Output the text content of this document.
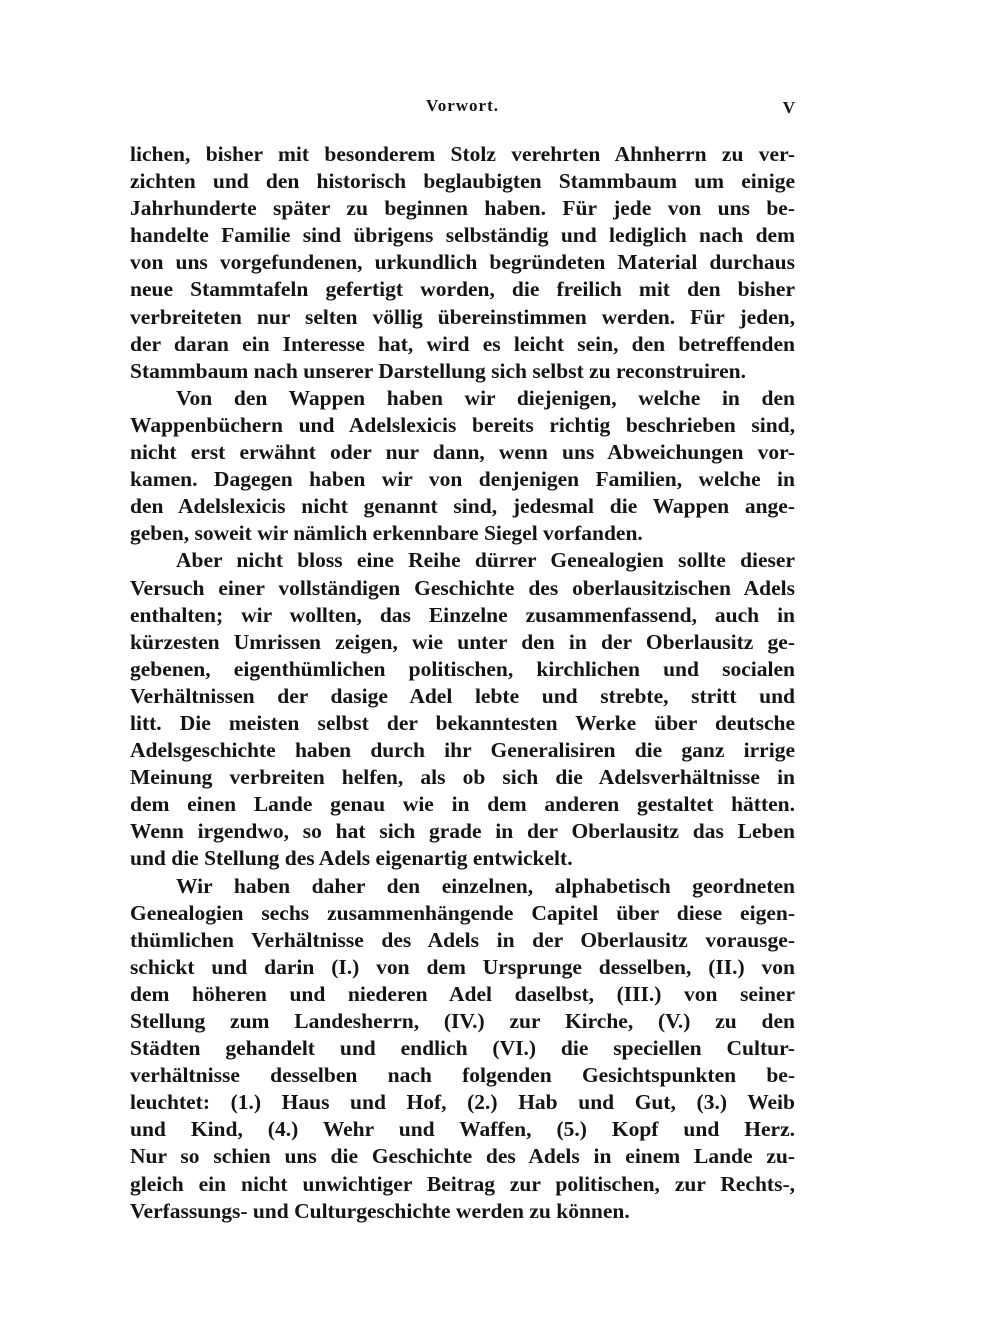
Vorwort.	V
lichen, bisher mit besonderem Stolz verehrten Ahnherrn zu ver-
zichten und den historisch beglaubigten Stammbaum um einige
Jahrhunderte später zu beginnen haben. Für jede von uns be-
handelte Familie sind übrigens selbständig und lediglich nach dem
von uns vorgefundenen, urkundlich begründeten Material durchaus
neue Stammtafeln gefertigt worden, die freilich mit den bisher
verbreiteten nur selten völlig übereinstimmen werden. Für jeden,
der daran ein Interesse hat, wird es leicht sein, den betreffenden
Stammbaum nach unserer Darstellung sich selbst zu reconstruiren.
Von den Wappen haben wir diejenigen, welche in den
Wappenbüchern und Adelslexicis bereits richtig beschrieben sind,
nicht erst erwähnt oder nur dann, wenn uns Abweichungen vor-
kamen. Dagegen haben wir von denjenigen Familien, welche in
den Adelslexicis nicht genannt sind, jedesmal die Wappen ange-
geben, soweit wir nämlich erkennbare Siegel vorfanden.
Aber nicht bloss eine Reihe dürrer Genealogien sollte dieser
Versuch einer vollständigen Geschichte des oberlausitzischen Adels
enthalten; wir wollten, das Einzelne zusammenfassend, auch in
kürzesten Umrissen zeigen, wie unter den in der Oberlausitz ge-
gebenen, eigenthümlichen politischen, kirchlichen und socialen
Verhältnissen der dasige Adel lebte und strebte, stritt und
litt. Die meisten selbst der bekanntesten Werke über deutsche
Adelsgeschichte haben durch ihr Generalisiren die ganz irrige
Meinung verbreiten helfen, als ob sich die Adelsverhältnisse in
dem einen Lande genau wie in dem anderen gestaltet hätten.
Wenn irgendwo, so hat sich grade in der Oberlausitz das Leben
und die Stellung des Adels eigenartig entwickelt.
Wir haben daher den einzelnen, alphabetisch geordneten
Genealogien sechs zusammenhängende Capitel über diese eigen-
thümlichen Verhältnisse des Adels in der Oberlausitz vorausge-
schickt und darin (I.) von dem Ursprunge desselben, (II.) von
dem höheren und niederen Adel daselbst, (III.) von seiner
Stellung zum Landesherrn, (IV.) zur Kirche, (V.) zu den
Städten gehandelt und endlich (VI.) die speciellen Cultur-
verhältnisse desselben nach folgenden Gesichtspunkten be-
leuchtet: (1.) Haus und Hof, (2.) Hab und Gut, (3.) Weib
und Kind, (4.) Wehr und Waffen, (5.) Kopf und Herz.
Nur so schien uns die Geschichte des Adels in einem Lande zu-
gleich ein nicht unwichtiger Beitrag zur politischen, zur Rechts-,
Verfassungs- und Culturgeschichte werden zu können.
